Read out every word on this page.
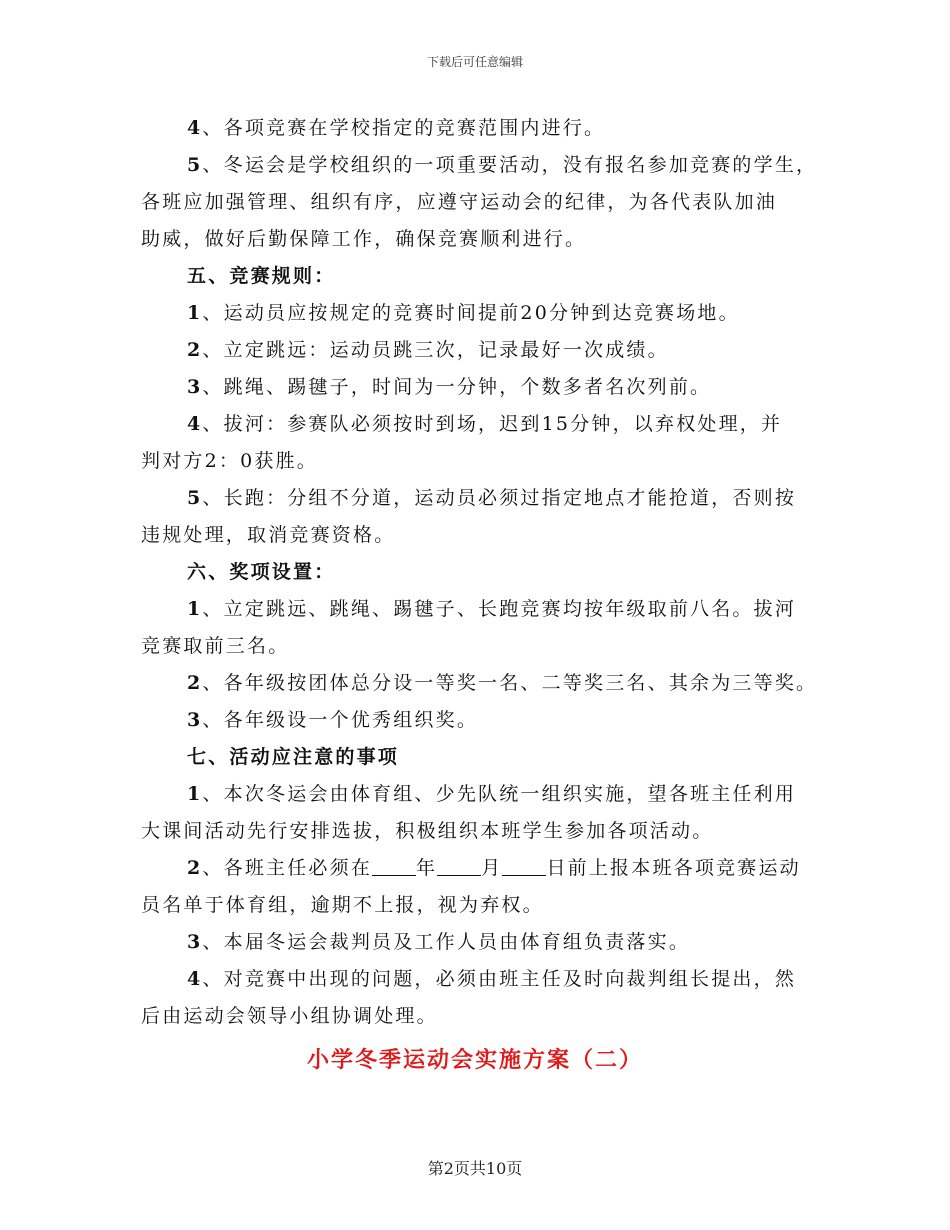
下载后可任意编辑
4、各项竞赛在学校指定的竞赛范围内进行。
5、冬运会是学校组织的一项重要活动，没有报名参加竞赛的学生，
各班应加强管理、组织有序，应遵守运动会的纪律，为各代表队加油
助威，做好后勤保障工作，确保竞赛顺利进行。
五、竞赛规则：
1、运动员应按规定的竞赛时间提前20分钟到达竞赛场地。
2、立定跳远：运动员跳三次，记录最好一次成绩。
3、跳绳、踢毽子，时间为一分钟，个数多者名次列前。
4、拔河：参赛队必须按时到场，迟到15分钟，以弃权处理，并
判对方2：0获胜。
5、长跑：分组不分道，运动员必须过指定地点才能抢道，否则按
违规处理，取消竞赛资格。
六、奖项设置：
1、立定跳远、跳绳、踢毽子、长跑竞赛均按年级取前八名。拔河
竞赛取前三名。
2、各年级按团体总分设一等奖一名、二等奖三名、其余为三等奖。
3、各年级设一个优秀组织奖。
七、活动应注意的事项
1、本次冬运会由体育组、少先队统一组织实施，望各班主任利用
大课间活动先行安排选拔，积极组织本班学生参加各项活动。
2、各班主任必须在 年 月 日前上报本班各项竞赛运动
员名单于体育组，逾期不上报，视为弃权。
3、本届冬运会裁判员及工作人员由体育组负责落实。
4、对竞赛中出现的问题，必须由班主任及时向裁判组长提出，然
后由运动会领导小组协调处理。
小学冬季运动会实施方案（二）
第2页共10页
